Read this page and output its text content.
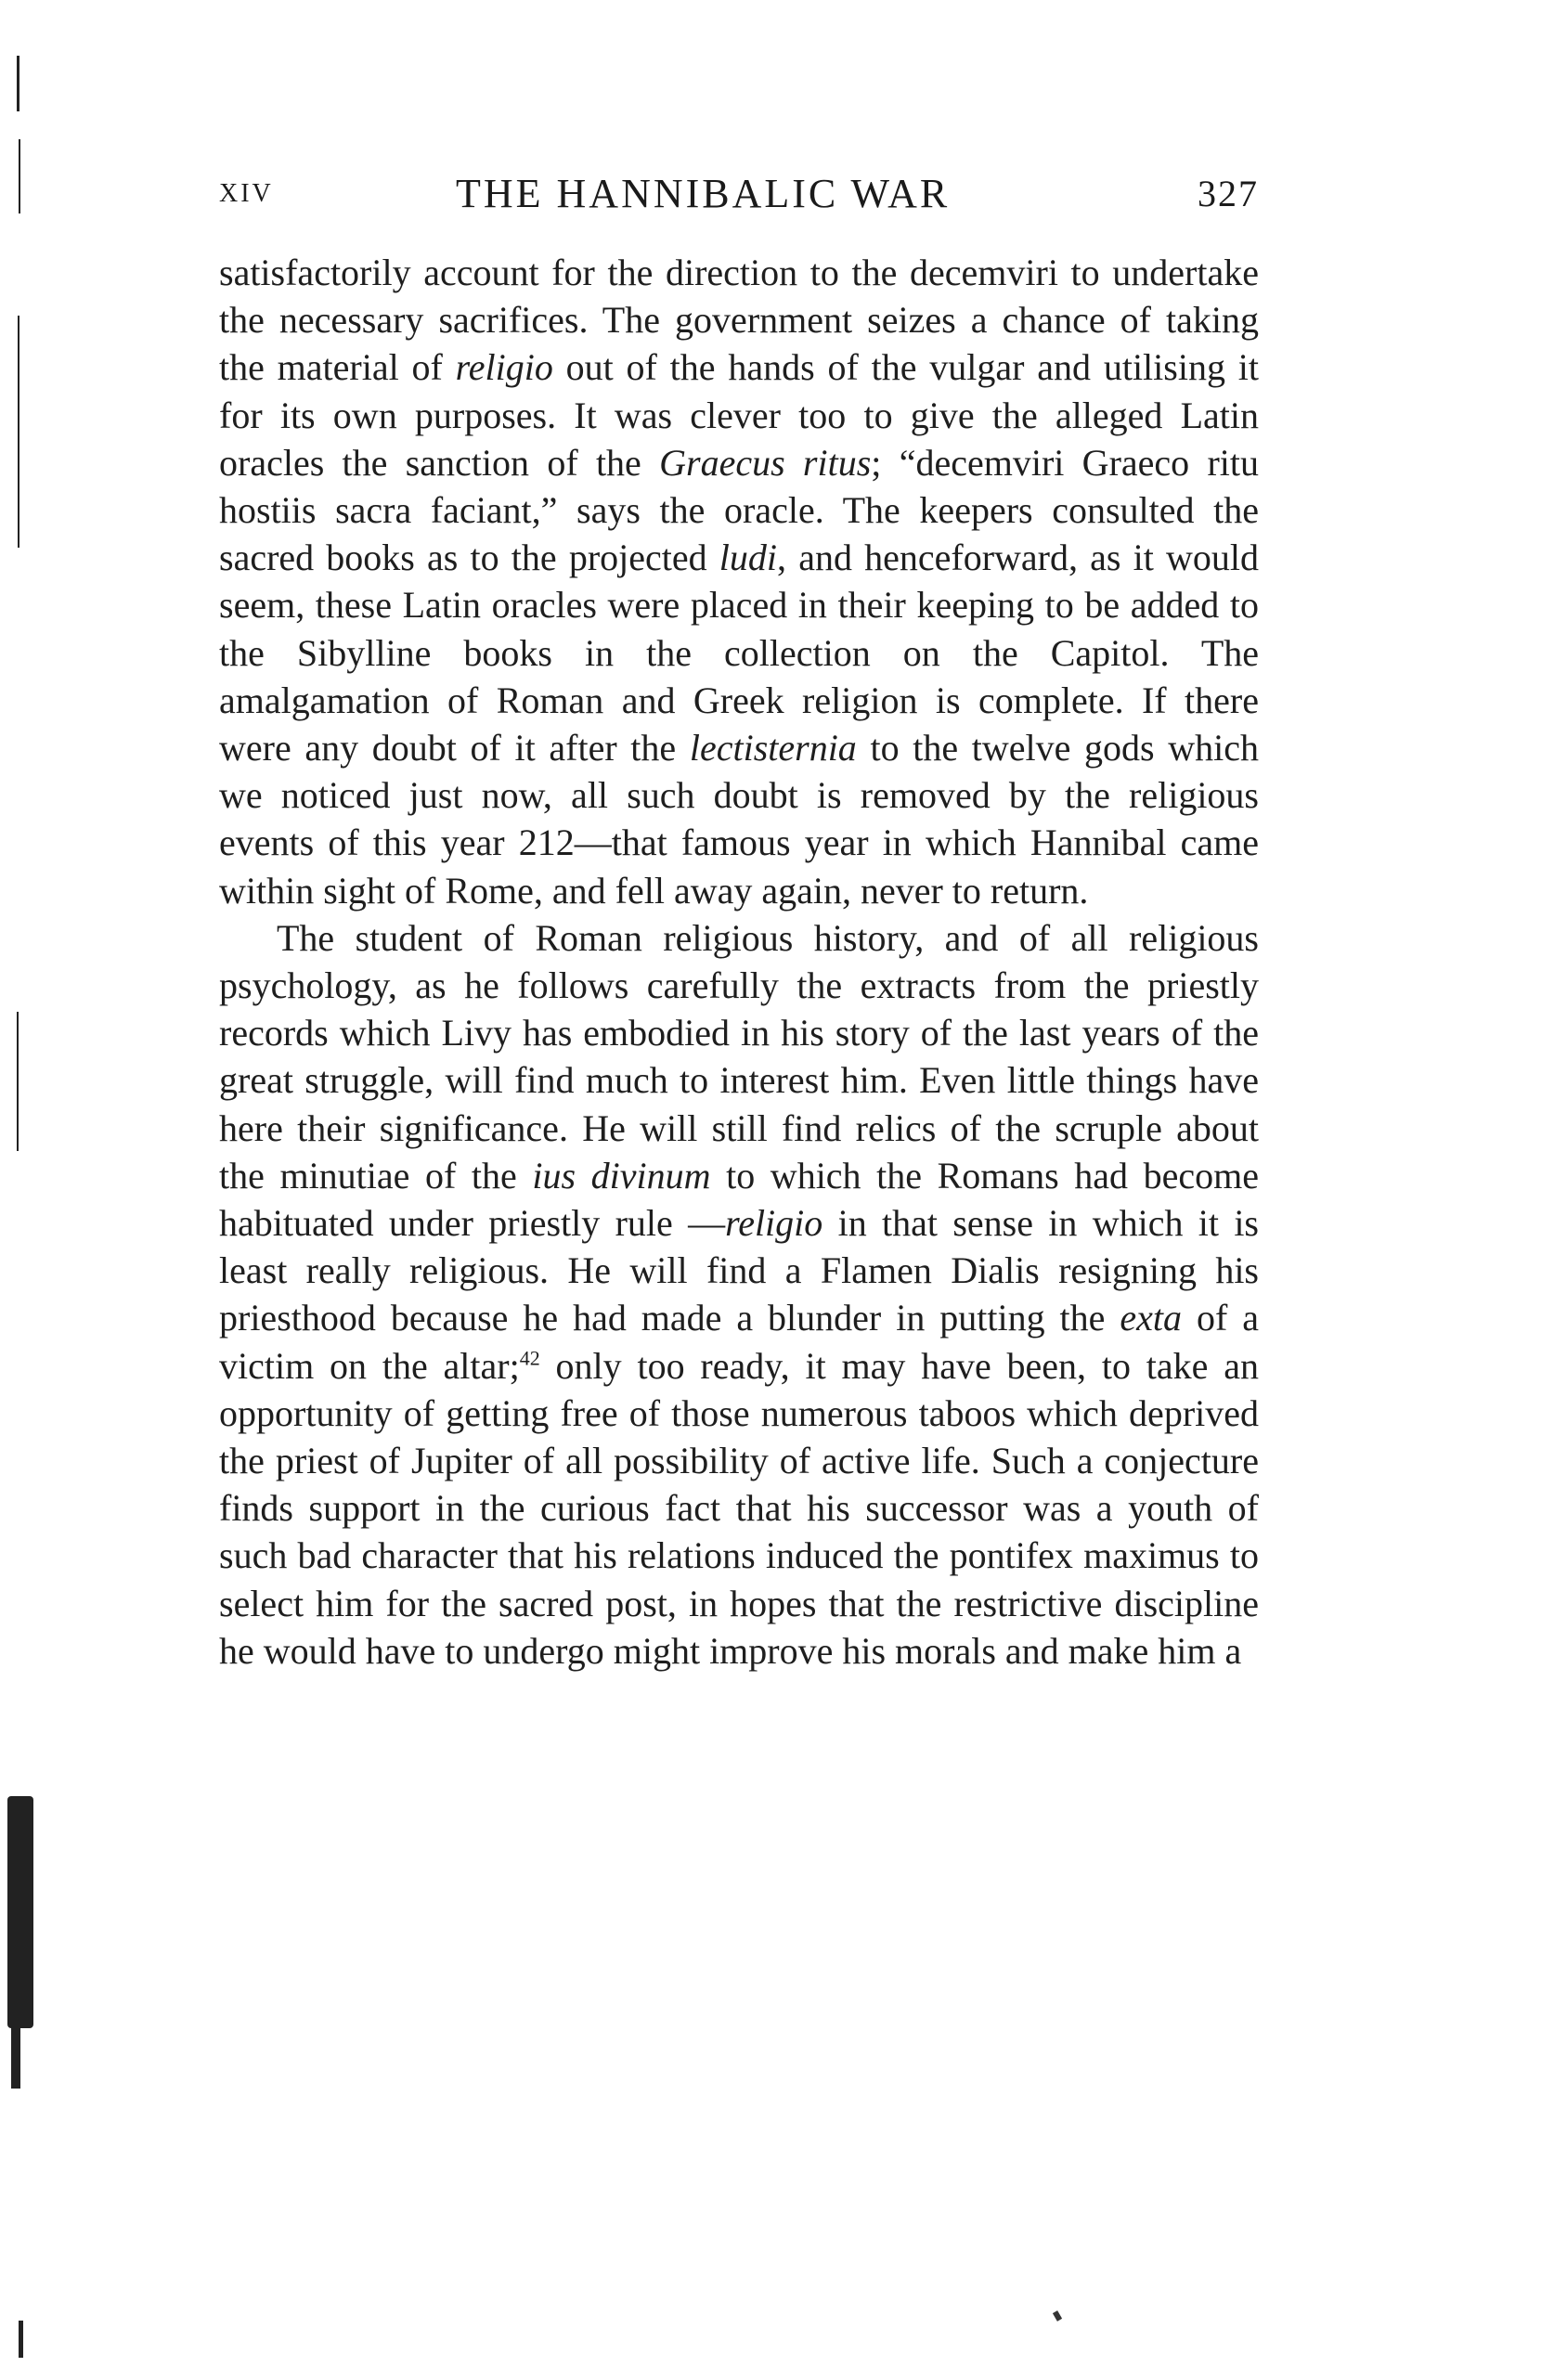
XIV	THE HANNIBALIC WAR	327

satisfactorily account for the direction to the decemviri to undertake the necessary sacrifices. The government seizes a chance of taking the material of religio out of the hands of the vulgar and utilising it for its own purposes. It was clever too to give the alleged Latin oracles the sanction of the Graecus ritus; “decemviri Graeco ritu hostiis sacra faciant,” says the oracle. The keepers consulted the sacred books as to the projected ludi, and henceforward, as it would seem, these Latin oracles were placed in their keeping to be added to the Sibylline books in the collection on the Capitol. The amalgamation of Roman and Greek religion is complete. If there were any doubt of it after the lectisternia to the twelve gods which we noticed just now, all such doubt is removed by the religious events of this year 212—that famous year in which Hannibal came within sight of Rome, and fell away again, never to return.

The student of Roman religious history, and of all religious psychology, as he follows carefully the extracts from the priestly records which Livy has embodied in his story of the last years of the great struggle, will find much to interest him. Even little things have here their significance. He will still find relics of the scruple about the minutiae of the ius divinum to which the Romans had become habituated under priestly rule —religio in that sense in which it is least really religious. He will find a Flamen Dialis resigning his priesthood because he had made a blunder in putting the exta of a victim on the altar;$^{42}$ only too ready, it may have been, to take an opportunity of getting free of those numerous taboos which deprived the priest of Jupiter of all possibility of active life. Such a conjecture finds support in the curious fact that his successor was a youth of such bad character that his relations induced the pontifex maximus to select him for the sacred post, in hopes that the restrictive discipline he would have to undergo might improve his morals and make him a
